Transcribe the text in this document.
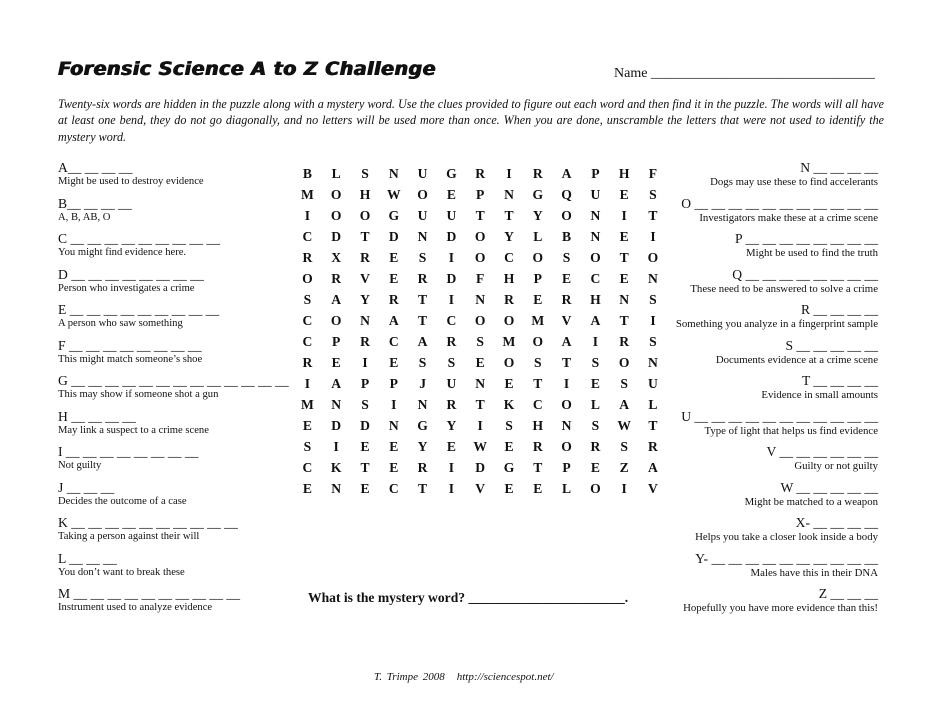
Forensic Science A to Z Challenge	Name ________________________________
Twenty-six words are hidden in the puzzle along with a mystery word. Use the clues provided to figure out each word and then find it in the puzzle. The words will all have at least one bend, they do not go diagonally, and no letters will be used more than once. When you are done, unscramble the letters that were not used to identify the mystery word.
A__ __ __ __
Might be used to destroy evidence
B__ __ __ __
A, B, AB, O
C __ __ __ __ __ __ __ __ __
You might find evidence here.
D __ __ __ __ __ __ __ __
Person who investigates a crime
E __ __ __ __ __ __ __ __ __
A person who saw something
F __ __ __ __ __ __ __ __
This might match someone’s shoe
G __ __ __ __ __ __ __ __ __ __ __ __ __
This may show if someone shot a gun
H __ __ __ __
May link a suspect to a crime scene
I __ __ __ __ __ __ __ __
Not guilty
J __ __ __
Decides the outcome of a case
K __ __ __ __ __ __ __ __ __ __
Taking a person against their will
L __ __ __
You don’t want to break these
M __ __ __ __ __ __ __ __ __ __
Instrument used to analyze evidence
N __ __ __ __
Dogs may use these to find accelerants
O __ __ __ __ __ __ __ __ __ __ __
Investigators make these at a crime scene
P __ __ __ __ __ __ __ __
Might be used to find the truth
Q __ __ __ __ __ __ __ __
These need to be answered to solve a crime
R __ __ __ __
Something you analyze in a fingerprint sample
S __ __ __ __ __
Documents evidence at a crime scene
T __ __ __ __
Evidence in small amounts
U __ __ __ __ __ __ __ __ __ __ __
Type of light that helps us find evidence
V __ __ __ __ __ __
Guilty or not guilty
W __ __ __ __ __
Might be matched to a weapon
X- __ __ __ __
Helps you take a closer look inside a body
Y- __ __ __ __ __ __ __ __ __ __
Males have this in their DNA
Z __ __ __
Hopefully you have more evidence than this!
B	L	S	N	U	G	R	I	R	A	P	H	F
M	O	H	W	O	E	P	N	G	Q	U	E	S
I	O	O	G	U	U	T	T	Y	O	N	I	T
C	D	T	D	N	D	O	Y	L	B	N	E	I
R	X	R	E	S	I	O	C	O	S	O	T	O
O	R	V	E	R	D	F	H	P	E	C	E	N
S	A	Y	R	T	I	N	R	E	R	H	N	S
C	O	N	A	T	C	O	O	M	V	A	T	I
C	P	R	C	A	R	S	M	O	A	I	R	S
R	E	I	E	S	S	E	O	S	T	S	O	N
I	A	P	P	J	U	N	E	T	I	E	S	U
M	N	S	I	N	R	T	K	C	O	L	A	L
E	D	D	N	G	Y	I	S	H	N	S	W	T
S	I	E	E	Y	E	W	E	R	O	R	S	R
C	K	T	E	R	I	D	G	T	P	E	Z	A
E	N	E	C	T	I	V	E	E	L	O	I	V
What is the mystery word? _______________________.
T. Trimpe 2008 http://sciencespot.net/
